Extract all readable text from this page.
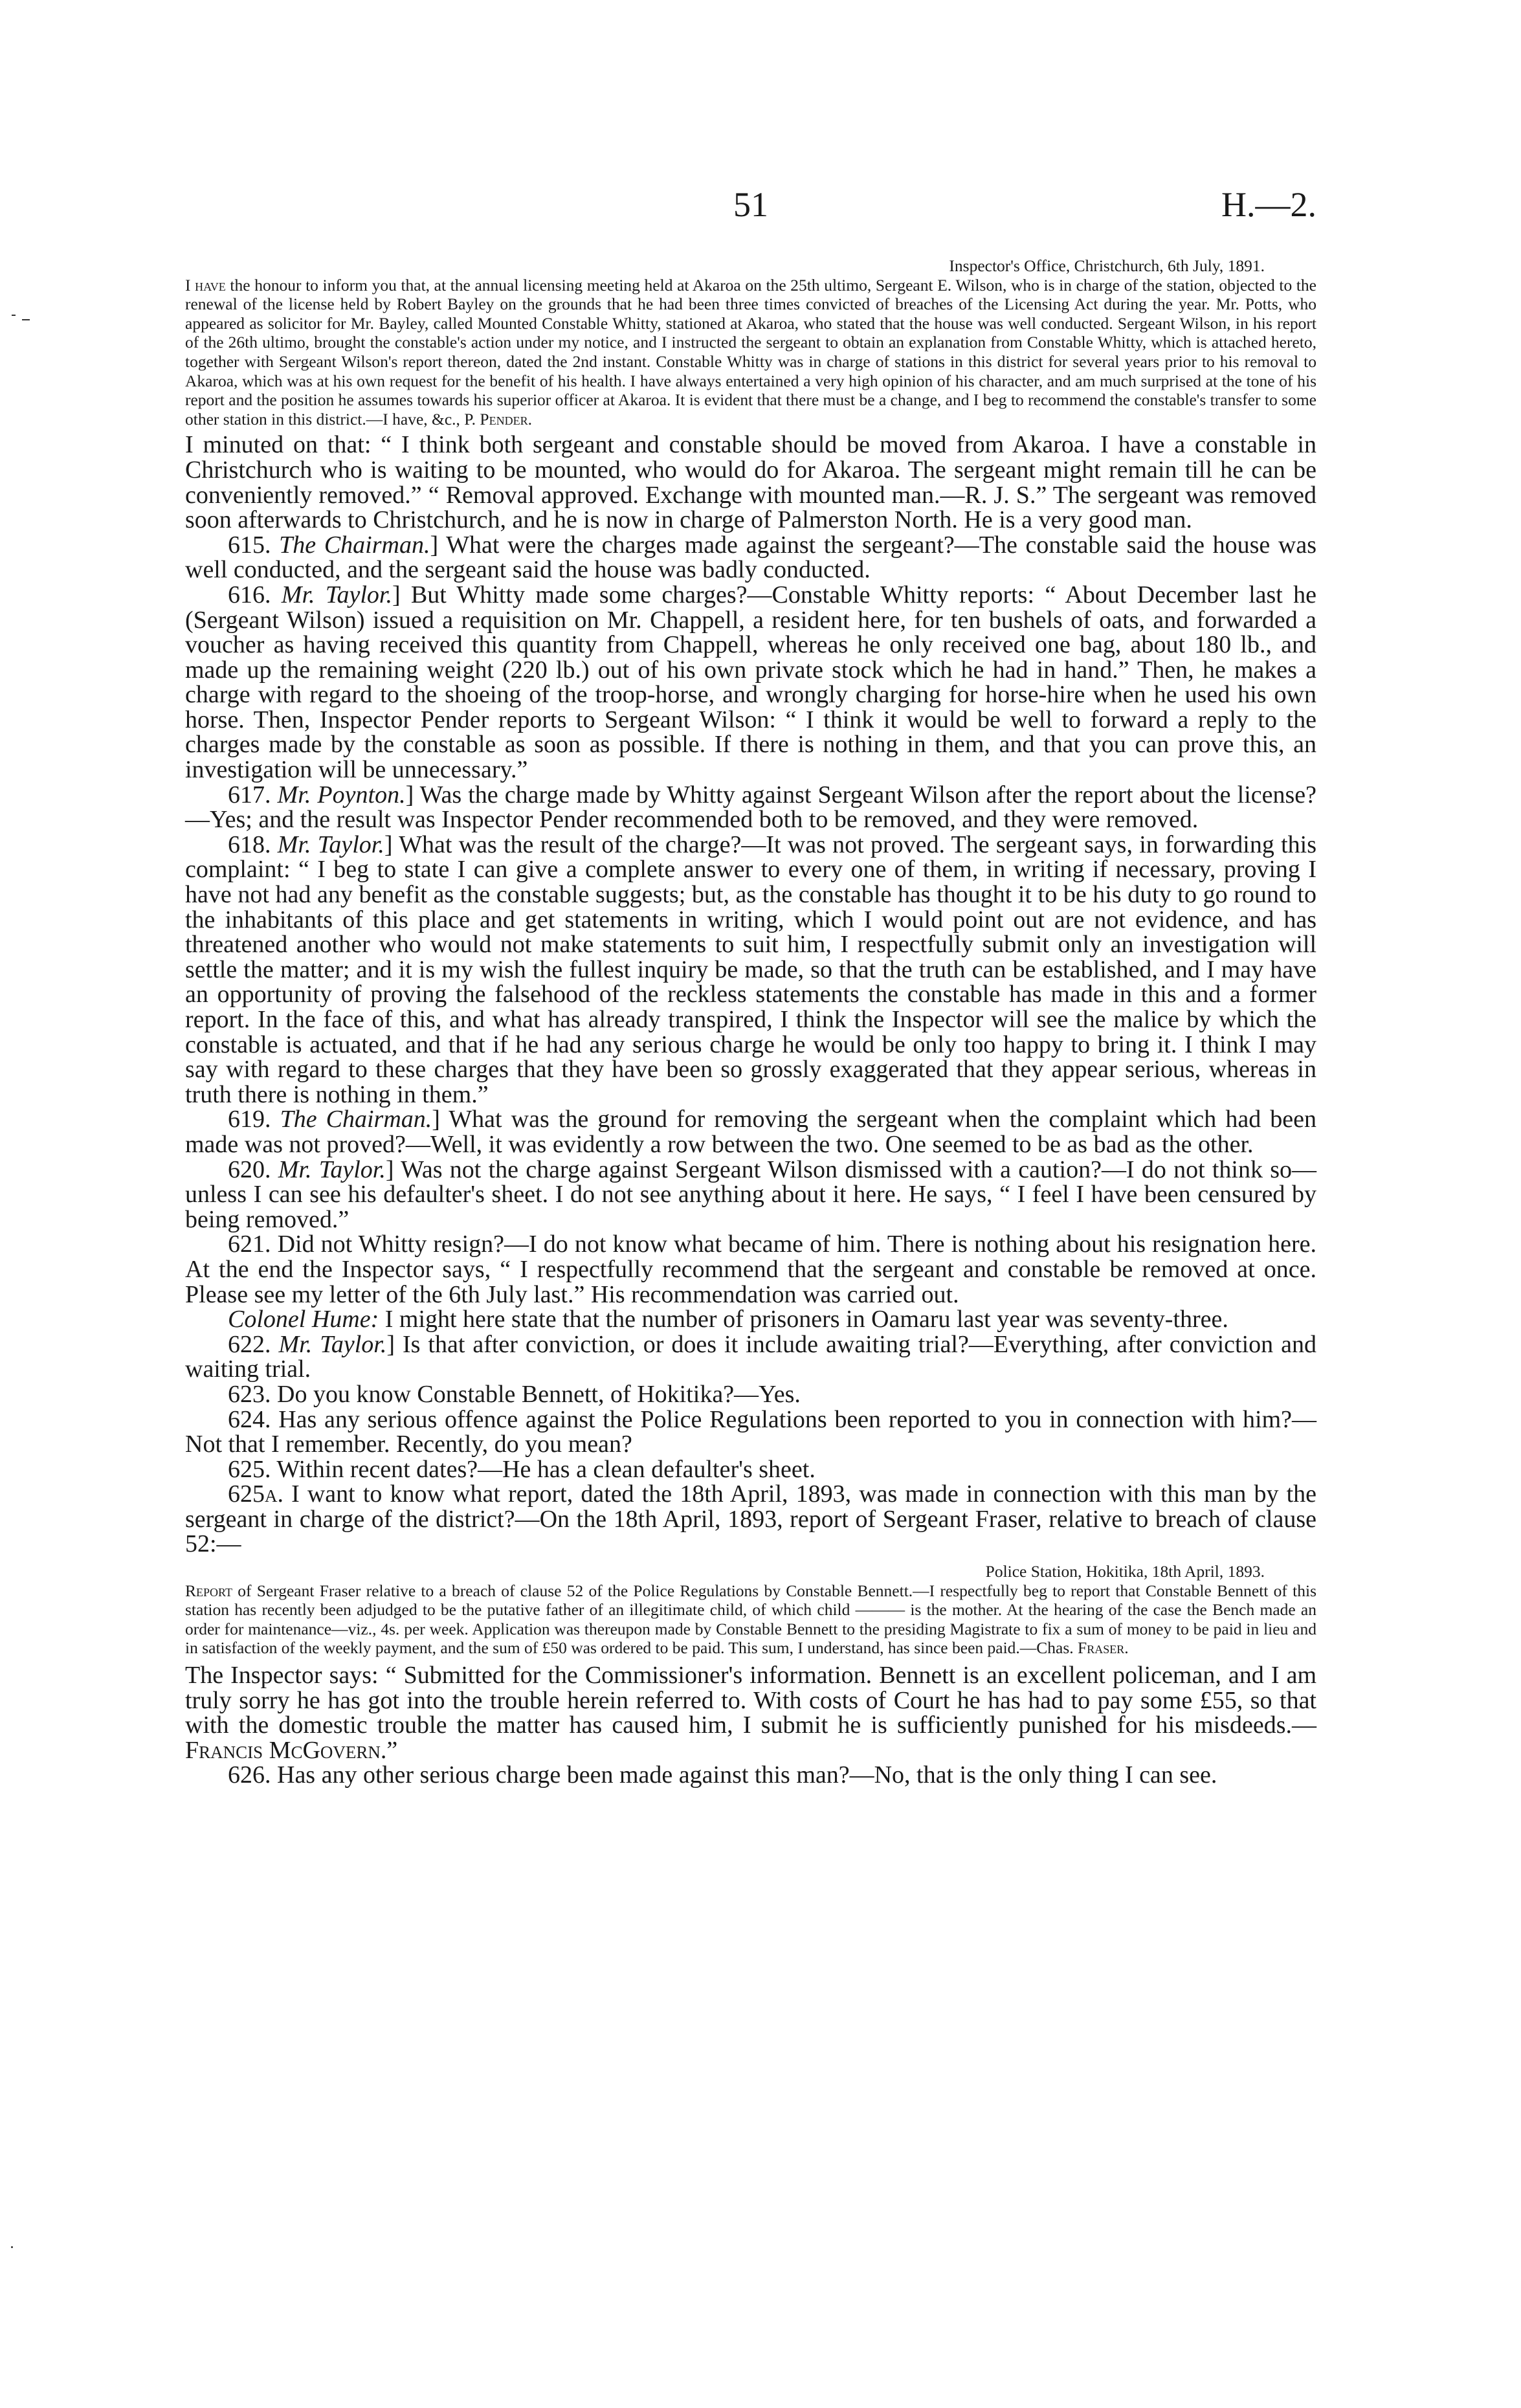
51	H.—2.

Inspector's Office, Christchurch, 6th July, 1891.

I have the honour to inform you that, at the annual licensing meeting held at Akaroa on the 25th ultimo, Sergeant E. Wilson, who is in charge of the station, objected to the renewal of the license held by Robert Bayley on the grounds that he had been three times convicted of breaches of the Licensing Act during the year. Mr. Potts, who appeared as solicitor for Mr. Bayley, called Mounted Constable Whitty, stationed at Akaroa, who stated that the house was well conducted. Sergeant Wilson, in his report of the 26th ultimo, brought the constable's action under my notice, and I instructed the sergeant to obtain an explanation from Constable Whitty, which is attached hereto, together with Sergeant Wilson's report thereon, dated the 2nd instant. Constable Whitty was in charge of stations in this district for several years prior to his removal to Akaroa, which was at his own request for the benefit of his health. I have always entertained a very high opinion of his character, and am much surprised at the tone of his report and the position he assumes towards his superior officer at Akaroa. It is evident that there must be a change, and I beg to recommend the constable's transfer to some other station in this district.—I have, &c., P. Pender.

I minuted on that: “ I think both sergeant and constable should be moved from Akaroa. I have a constable in Christchurch who is waiting to be mounted, who would do for Akaroa. The sergeant might remain till he can be conveniently removed.” “ Removal approved. Exchange with mounted man.—R. J. S.” The sergeant was removed soon afterwards to Christchurch, and he is now in charge of Palmerston North. He is a very good man.

615. The Chairman.] What were the charges made against the sergeant?—The constable said the house was well conducted, and the sergeant said the house was badly conducted.

616. Mr. Taylor.] But Whitty made some charges?—Constable Whitty reports: “ About December last he (Sergeant Wilson) issued a requisition on Mr. Chappell, a resident here, for ten bushels of oats, and forwarded a voucher as having received this quantity from Chappell, whereas he only received one bag, about 180 lb., and made up the remaining weight (220 lb.) out of his own private stock which he had in hand.” Then, he makes a charge with regard to the shoeing of the troop-horse, and wrongly charging for horse-hire when he used his own horse. Then, Inspector Pender reports to Sergeant Wilson: “ I think it would be well to forward a reply to the charges made by the constable as soon as possible. If there is nothing in them, and that you can prove this, an investigation will be unnecessary.”

617. Mr. Poynton.] Was the charge made by Whitty against Sergeant Wilson after the report about the license?—Yes; and the result was Inspector Pender recommended both to be removed, and they were removed.

618. Mr. Taylor.] What was the result of the charge?—It was not proved. The sergeant says, in forwarding this complaint: “ I beg to state I can give a complete answer to every one of them, in writing if necessary, proving I have not had any benefit as the constable suggests; but, as the constable has thought it to be his duty to go round to the inhabitants of this place and get statements in writing, which I would point out are not evidence, and has threatened another who would not make statements to suit him, I respectfully submit only an investigation will settle the matter; and it is my wish the fullest inquiry be made, so that the truth can be established, and I may have an opportunity of proving the falsehood of the reckless statements the constable has made in this and a former report. In the face of this, and what has already transpired, I think the Inspector will see the malice by which the constable is actuated, and that if he had any serious charge he would be only too happy to bring it. I think I may say with regard to these charges that they have been so grossly exaggerated that they appear serious, whereas in truth there is nothing in them.”

619. The Chairman.] What was the ground for removing the sergeant when the complaint which had been made was not proved?—Well, it was evidently a row between the two. One seemed to be as bad as the other.

620. Mr. Taylor.] Was not the charge against Sergeant Wilson dismissed with a caution?—I do not think so—unless I can see his defaulter's sheet. I do not see anything about it here. He says, “ I feel I have been censured by being removed.”

621. Did not Whitty resign?—I do not know what became of him. There is nothing about his resignation here. At the end the Inspector says, “ I respectfully recommend that the sergeant and constable be removed at once. Please see my letter of the 6th July last.” His recommendation was carried out.

Colonel Hume: I might here state that the number of prisoners in Oamaru last year was seventy-three.

622. Mr. Taylor.] Is that after conviction, or does it include awaiting trial?—Everything, after conviction and waiting trial.

623. Do you know Constable Bennett, of Hokitika?—Yes.

624. Has any serious offence against the Police Regulations been reported to you in connection with him?—Not that I remember. Recently, do you mean?

625. Within recent dates?—He has a clean defaulter's sheet.

625a. I want to know what report, dated the 18th April, 1893, was made in connection with this man by the sergeant in charge of the district?—On the 18th April, 1893, report of Sergeant Fraser, relative to breach of clause 52:—

Police Station, Hokitika, 18th April, 1893.

Report of Sergeant Fraser relative to a breach of clause 52 of the Police Regulations by Constable Bennett.—I respectfully beg to report that Constable Bennett of this station has recently been adjudged to be the putative father of an illegitimate child, of which child ——— is the mother. At the hearing of the case the Bench made an order for maintenance—viz., 4s. per week. Application was thereupon made by Constable Bennett to the presiding Magistrate to fix a sum of money to be paid in lieu and in satisfaction of the weekly payment, and the sum of £50 was ordered to be paid. This sum, I understand, has since been paid.—Chas. Fraser.

The Inspector says: “ Submitted for the Commissioner's information. Bennett is an excellent policeman, and I am truly sorry he has got into the trouble herein referred to. With costs of Court he has had to pay some £55, so that with the domestic trouble the matter has caused him, I submit he is sufficiently punished for his misdeeds.—Francis McGovern.”

626. Has any other serious charge been made against this man?—No, that is the only thing I can see.
